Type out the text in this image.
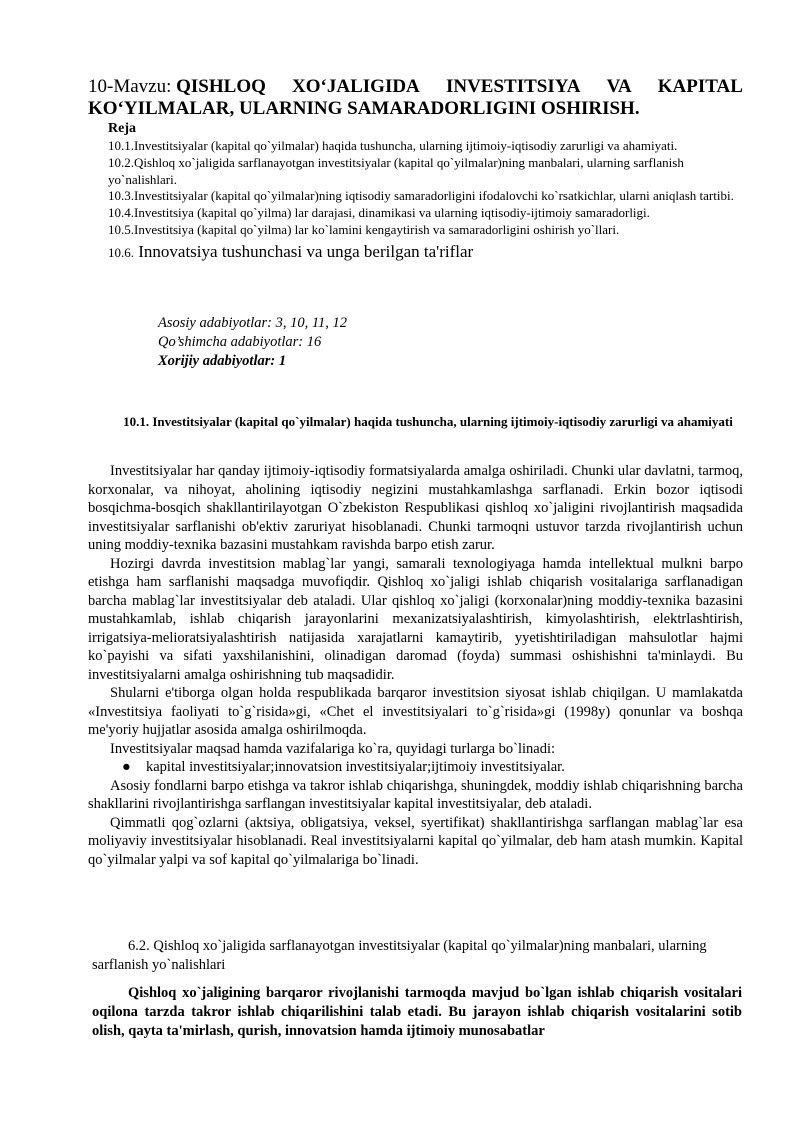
10-Mavzu: QISHLOQ XO‘JALIGIDA INVESTITSIYA VA KAPITAL
KO‘YILMALAR, ULARNING SAMARADORLIGINI OSHIRISH.
Reja

10.1.Investitsiyalar (kapital qo`yilmalar) haqida tushuncha, ularning ijtimoiy-iqtisodiy zarurligi va ahamiyati.

10.2.Qishloq xo`jaligida sarflanayotgan investitsiyalar (kapital qo`yilmalar)ning manbalari, ularning sarflanish yo`nalishlari.

10.3.Investitsiyalar (kapital qo`yilmalar)ning iqtisodiy samaradorligini ifodalovchi ko`rsatkichlar, ularni aniqlash tartibi.

10.4.Investitsiya (kapital qo`yilma) lar darajasi, dinamikasi va ularning iqtisodiy-ijtimoiy samaradorligi.

10.5.Investitsiya (kapital qo`yilma) lar ko`lamini kengaytirish va samaradorligini oshirish yo`llari.

10.6. Innovatsiya tushunchasi va unga berilgan ta'riflar

Asosiy adabiyotlar: 3, 10, 11, 12

Qo’shimcha adabiyotlar: 16

Xorijiy adabiyotlar: 1

10.1. Investitsiyalar (kapital qo`yilmalar) haqida tushuncha, ularning ijtimoiy-iqtisodiy zarurligi va ahamiyati

Investitsiyalar har qanday ijtimoiy-iqtisodiy formatsiyalarda amalga oshiriladi. Chunki ular davlatni, tarmoq, korxonalar, va nihoyat, aholining iqtisodiy negizini mustahkamlashga sarflanadi. Erkin bozor iqtisodi bosqichma-bosqich shakllantirilayotgan O`zbekiston Respublikasi qishloq xo`jaligini rivojlantirish maqsadida investitsiyalar sarflanishi ob'ektiv zaruriyat hisoblanadi. Chunki tarmoqni ustuvor tarzda rivojlantirish uchun uning moddiy-texnika bazasini mustahkam ravishda barpo etish zarur.

Hozirgi davrda investitsion mablag`lar yangi, samarali texnologiyaga hamda intellektual mulkni barpo etishga ham sarflanishi maqsadga muvofiqdir. Qishloq xo`jaligi ishlab chiqarish vositalariga sarflanadigan barcha mablag`lar investitsiyalar deb ataladi. Ular qishloq xo`jaligi (korxonalar)ning moddiy-texnika bazasini mustahkamlab, ishlab chiqarish jarayonlarini mexanizatsiyalashtirish, kimyolashtirish, elektrlashtirish, irrigatsiya-melioratsiyalashtirish natijasida xarajatlarni kamaytirib, yyetishtiriladigan mahsulotlar hajmi ko`payishi va sifati yaxshilanishini, olinadigan daromad (foyda) summasi oshishishni ta'minlaydi. Bu investitsiyalarni amalga oshirishning tub maqsadidir.

Shularni e'tiborga olgan holda respublikada barqaror investitsion siyosat ishlab chiqilgan. U mamlakatda «Investitsiya faoliyati to`g`risida»gi, «Chet el investitsiyalari to`g`risida»gi (1998y) qonunlar va boshqa me'yoriy hujjatlar asosida amalga oshirilmoqda.

Investitsiyalar maqsad hamda vazifalariga ko`ra, quyidagi turlarga bo`linadi:

● kapital investitsiyalar;innovatsion investitsiyalar;ijtimoiy investitsiyalar.

Asosiy fondlarni barpo etishga va takror ishlab chiqarishga, shuningdek, moddiy ishlab chiqarishning barcha shakllarini rivojlantirishga sarflangan investitsiyalar kapital investitsiyalar, deb ataladi.

Qimmatli qog`ozlarni (aktsiya, obligatsiya, veksel, syertifikat) shakllantirishga sarflangan mablag`lar esa moliyaviy investitsiyalar hisoblanadi. Real investitsiyalarni kapital qo`yilmalar, deb ham atash mumkin. Kapital qo`yilmalar yalpi va sof kapital qo`yilmalariga bo`linadi.

6.2. Qishloq xo`jaligida sarflanayotgan investitsiyalar (kapital qo`yilmalar)ning manbalari, ularning sarflanish yo`nalishlari

Qishloq xo`jaligining barqaror rivojlanishi tarmoqda mavjud bo`lgan ishlab chiqarish vositalari oqilona tarzda takror ishlab chiqarilishini talab etadi. Bu jarayon ishlab chiqarish vositalarini sotib olish, qayta ta'mirlash, qurish, innovatsion hamda ijtimoiy munosabatlar
